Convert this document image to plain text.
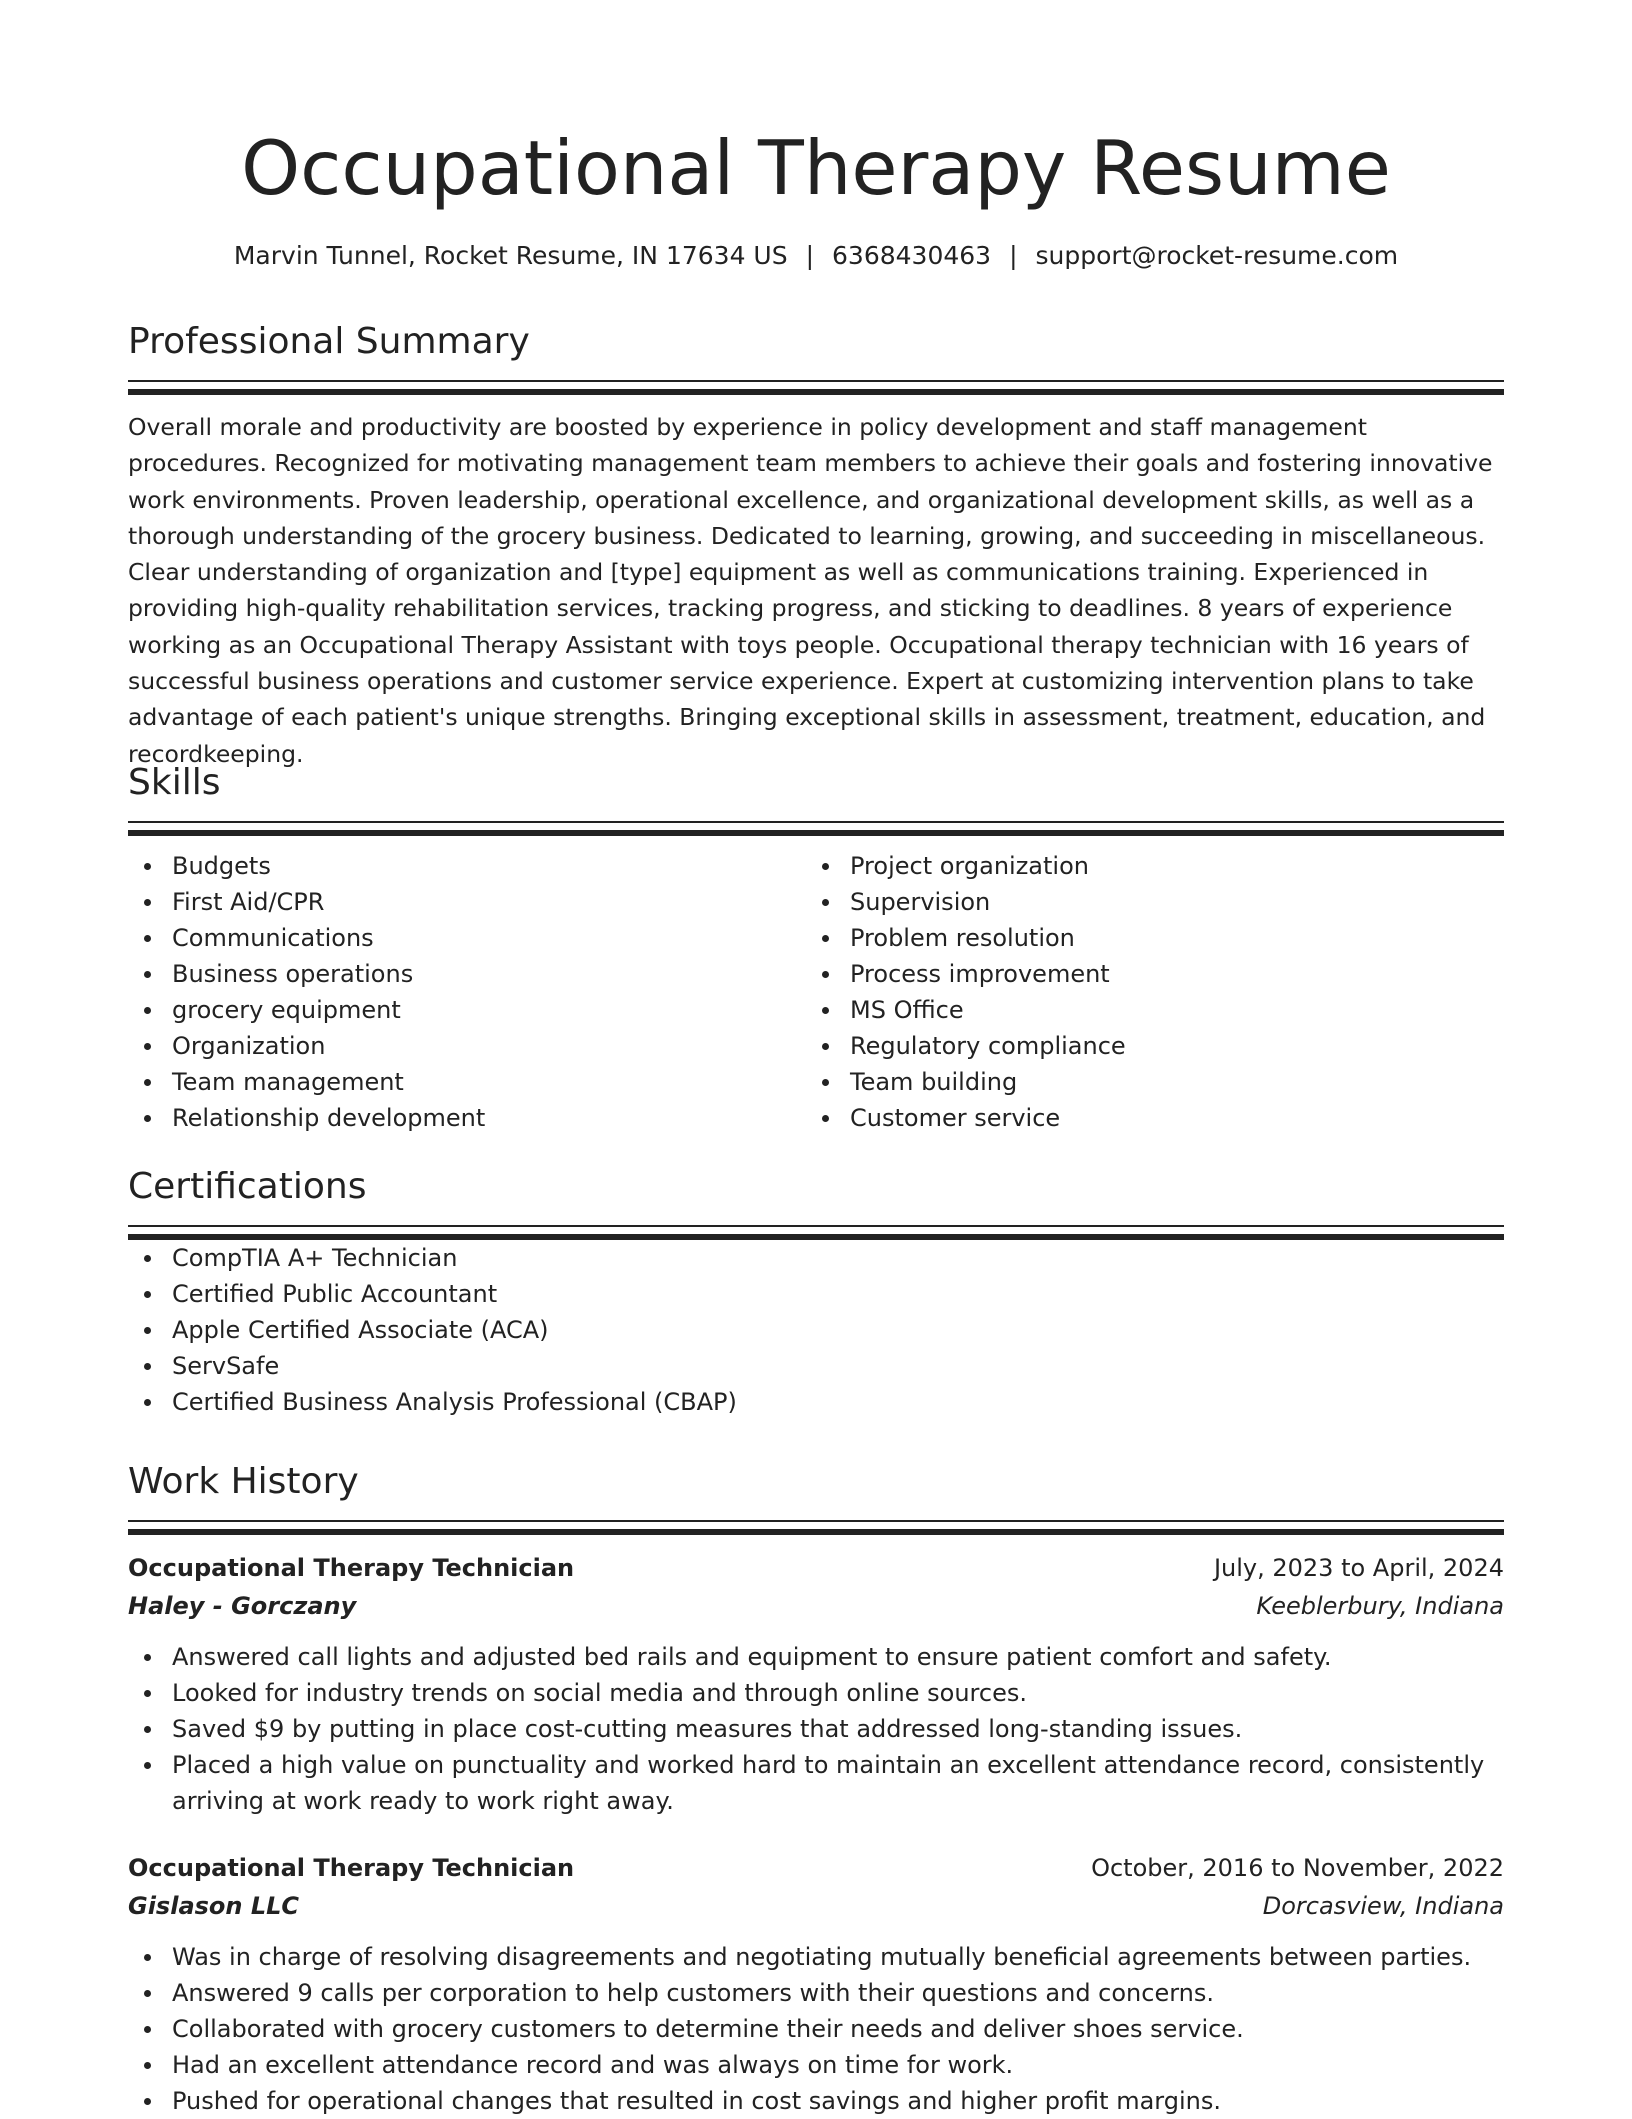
Occupational Therapy Resume
Marvin Tunnel, Rocket Resume, IN 17634 US | 6368430463 | support@rocket-resume.com
Professional Summary

Overall morale and productivity are boosted by experience in policy development and staff management procedures. Recognized for motivating management team members to achieve their goals and fostering innovative work environments. Proven leadership, operational excellence, and organizational development skills, as well as a thorough understanding of the grocery business. Dedicated to learning, growing, and succeeding in miscellaneous. Clear understanding of organization and [type] equipment as well as communications training. Experienced in providing high-quality rehabilitation services, tracking progress, and sticking to deadlines. 8 years of experience working as an Occupational Therapy Assistant with toys people. Occupational therapy technician with 16 years of successful business operations and customer service experience. Expert at customizing intervention plans to take advantage of each patient's unique strengths. Bringing exceptional skills in assessment, treatment, education, and recordkeeping.

Skills
Budgets
First Aid/CPR
Communications
Business operations
grocery equipment
Organization
Team management
Relationship development
Project organization
Supervision
Problem resolution
Process improvement
MS Office
Regulatory compliance
Team building
Customer service
Certifications
CompTIA A+ Technician
Certified Public Accountant
Apple Certified Associate (ACA)
ServSafe
Certified Business Analysis Professional (CBAP)
Work History
Occupational Therapy Technician	July, 2023 to April, 2024
Haley - Gorczany	Keeblerbury, Indiana
Answered call lights and adjusted bed rails and equipment to ensure patient comfort and safety.
Looked for industry trends on social media and through online sources.
Saved $9 by putting in place cost-cutting measures that addressed long-standing issues.
Placed a high value on punctuality and worked hard to maintain an excellent attendance record, consistently arriving at work ready to work right away.
Occupational Therapy Technician	October, 2016 to November, 2022
Gislason LLC	Dorcasview, Indiana
Was in charge of resolving disagreements and negotiating mutually beneficial agreements between parties.
Answered 9 calls per corporation to help customers with their questions and concerns.
Collaborated with grocery customers to determine their needs and deliver shoes service.
Had an excellent attendance record and was always on time for work.
Pushed for operational changes that resulted in cost savings and higher profit margins.
